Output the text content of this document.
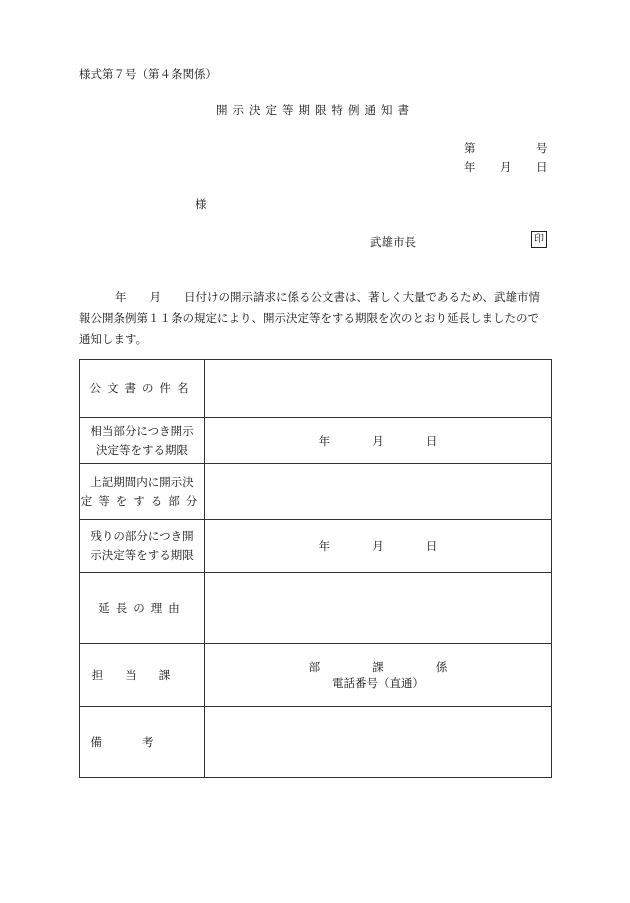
様式第７号（第４条関係）
開示決定等期限特例通知書
第	号
年 月 日
様
武雄市長	印
年　　月　　日付けの開示請求に係る公文書は、著しく大量であるため、武雄市情
報公開条例第１１条の規定により、開示決定等をする期限を次のとおり延長しましたので
通知します。
公文書の件名	

相当部分につき開示
決定等をする期限	年 月 日

上記期間内に開示決
定等をする部分	

残りの部分につき開
示決定等をする期限	年 月 日
延長の理由	
担当課	部 課 係
電話番号（直通）

備考	
